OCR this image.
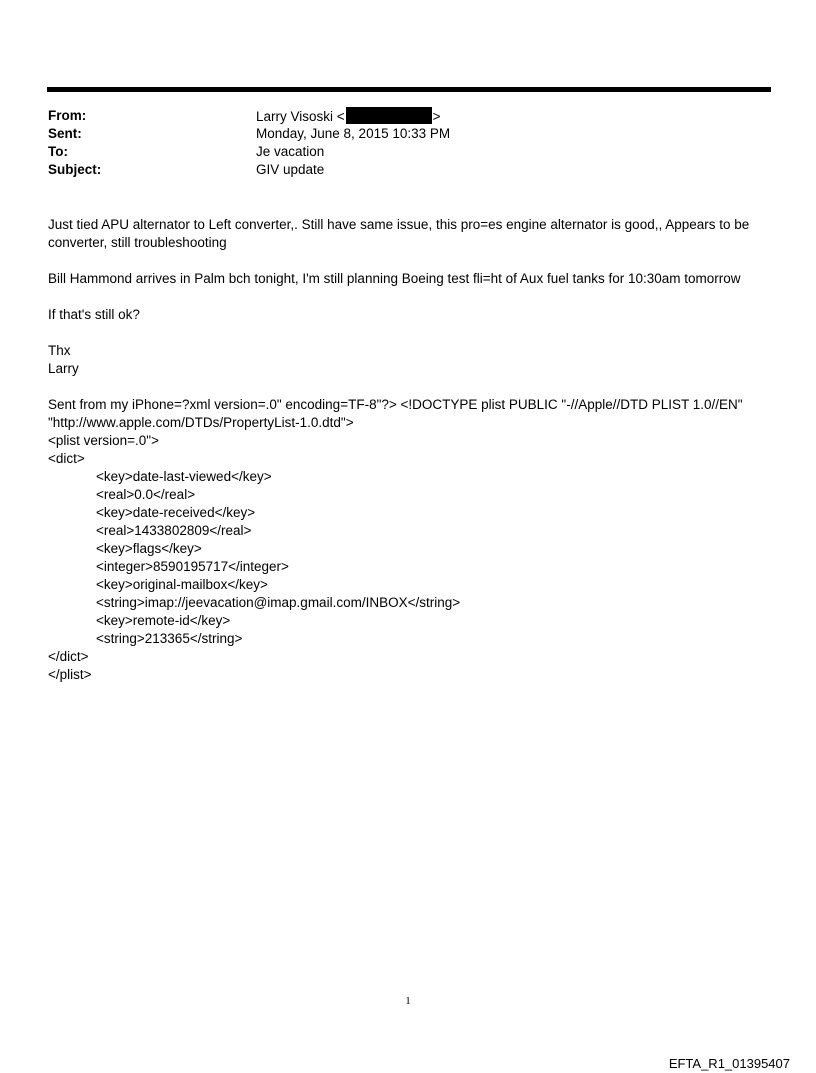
From:	Larry Visoski <	>
Sent:	Monday, June 8, 2015 10:33 PM
To:	Je vacation
Subject:	GIV update

Just tied APU alternator to Left converter,. Still have same issue, this pro=es engine alternator is good,, Appears to be converter, still troubleshooting

Bill Hammond arrives in Palm bch tonight, I'm still planning Boeing test fli=ht of Aux fuel tanks for 10:30am tomorrow

If that's still ok?

Thx

Larry

Sent from my iPhone=?xml version=.0" encoding=TF-8"?> <!DOCTYPE plist PUBLIC "-//Apple//DTD PLIST 1.0//EN" "http://www.apple.com/DTDs/PropertyList-1.0.dtd">

<plist version=.0">

<dict>

<key>date-last-viewed</key>

<real>0.0</real>

<key>date-received</key>

<real>1433802809</real>

<key>flags</key>

<integer>8590195717</integer>

<key>original-mailbox</key>

<string>imap://jeevacation@imap.gmail.com/INBOX</string>

<key>remote-id</key>

<string>213365</string>

</dict>

</plist>

1
EFTA_R1_01395407
